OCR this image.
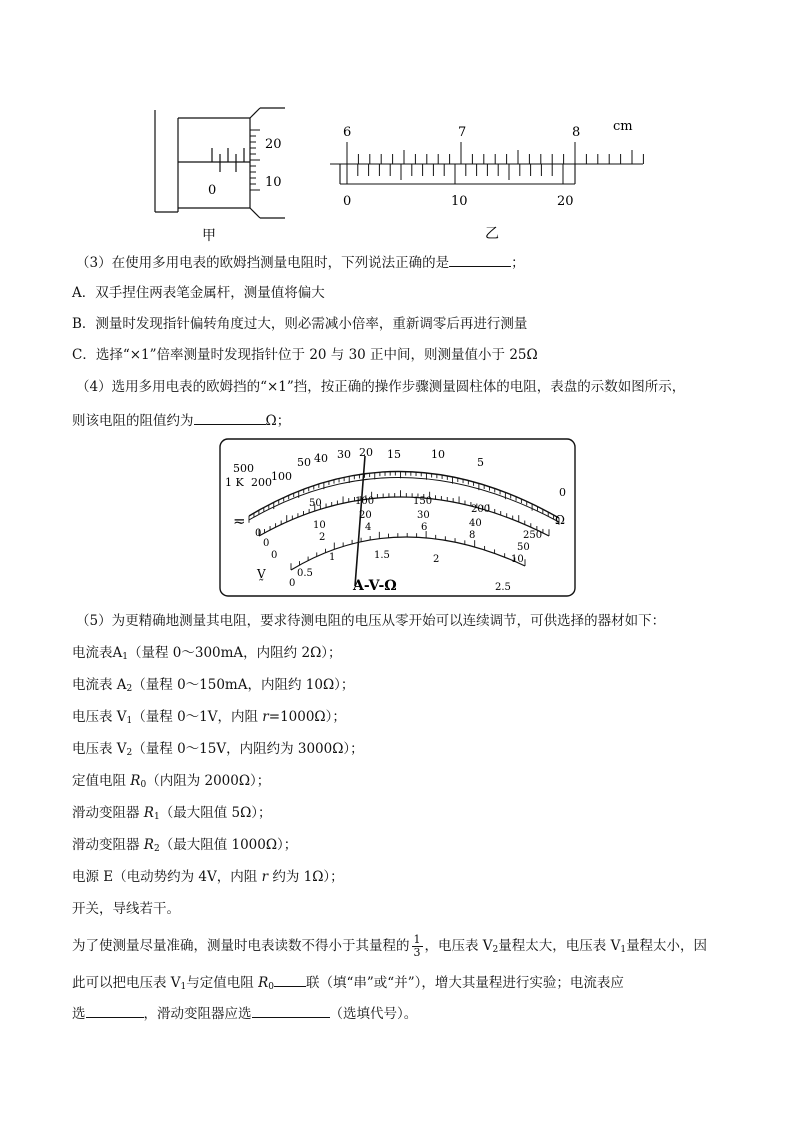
20
10
0
甲
6	7	8	cm
0	10	20
乙
（3）在使用多用电表的欧姆挡测量电阻时，下列说法正确的是	；
A．双手捏住两表笔金属杆，测量值将偏大
B．测量时发现指针偏转角度过大，则必需减小倍率，重新调零后再进行测量
C．选择“×1”倍率测量时发现指针位于 20 与 30 正中间，则测量值小于 25Ω
（4）选用多用电表的欧姆挡的“×1”挡，按正确的操作步骤测量圆柱体的电阻，表盘的示数如图所示，
则该电阻的阻值约为	Ω；
500
1 K 200 100
50 40 30 20 15	10
5
0
Ω
≂
0
50	100	150
200
250
0
10
20	30
40
50
0
2
4	6
8
10
V̰
0
0.5
1	1.5	2
2.5
A-V-Ω
（5）为更精确地测量其电阻，要求待测电阻的电压从零开始可以连续调节，可供选择的器材如下：
电流表$A_1$（量程 0～300mA，内阻约 2Ω）；
电流表 $A_2$（量程 0～150mA，内阻约 10Ω）；
电压表 $V_1$（量程 0～1V，内阻 r=1000Ω）；
电压表 $V_2$（量程 0～15V，内阻约为 3000Ω）；
定值电阻 $R_0$（内阻为 2000Ω）；
滑动变阻器 $R_1$（最大阻值 5Ω）；
滑动变阻器 $R_2$（最大阻值 1000Ω）；
电源 E（电动势约为 4V，内阻 r 约为 1Ω）；
开关，导线若干。
为了使测量尽量准确，测量时电表读数不得小于其量程的 $\frac{1}{3}$ ，电压表 $V_2$量程太大，电压表 $V_1$量程太小，因
此可以把电压表 $V_1$与定值电阻 $R_0$ 联（填“串”或“并”），增大其量程进行实验；电流表应
选	，滑动变阻器应选	（选填代号）。
